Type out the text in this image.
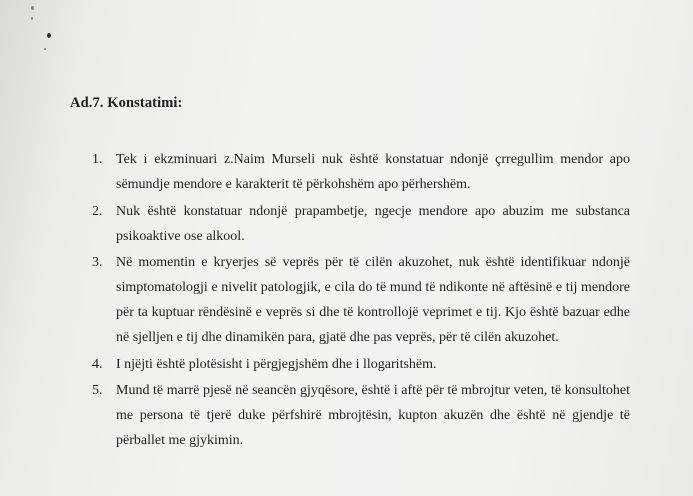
Ad.7. Konstatimi:
1. Tek i ekzminuari z.Naim Murseli nuk është konstatuar ndonjë çrregullim mendor apo sëmundje mendore e karakterit të përkohshëm apo përhershëm.
2. Nuk është konstatuar ndonjë prapambetje, ngecje mendore apo abuzim me substanca psikoaktive ose alkool.
3. Në momentin e kryerjes së veprës për të cilën akuzohet, nuk është identifikuar ndonjë simptomatologji e nivelit patologjik, e cila do të mund të ndikonte në aftësinë e tij mendore për ta kuptuar rëndësinë e veprës si dhe të kontrollojë veprimet e tij. Kjo është bazuar edhe në sjelljen e tij dhe dinamikën para, gjatë dhe pas veprës, për të cilën akuzohet.
4. I njëjti është plotësisht i përgjegjshëm dhe i llogaritshëm.
5. Mund të marrë pjesë në seancën gjyqësore, është i aftë për të mbrojtur veten, të konsultohet me persona të tjerë duke përfshirë mbrojtësin, kupton akuzën dhe është në gjendje të përballet me gjykimin.
